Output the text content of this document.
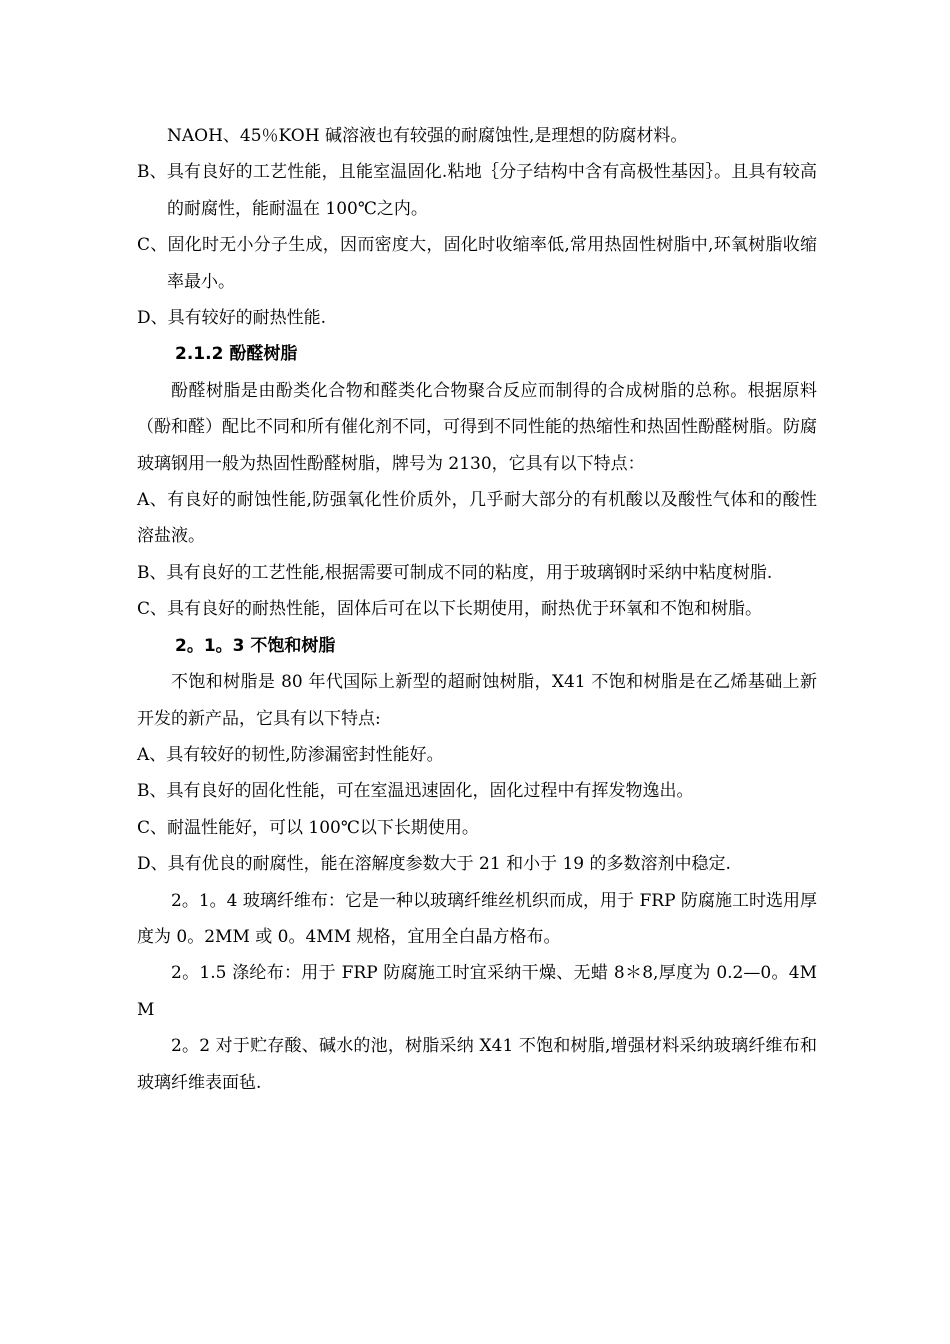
NAOH、45％KOH 碱溶液也有较强的耐腐蚀性,是理想的防腐材料。

B、具有良好的工艺性能，且能室温固化.粘地｛分子结构中含有高极性基因｝。且具有较高的耐腐性，能耐温在 100℃之内。

C、固化时无小分子生成，因而密度大，固化时收缩率低,常用热固性树脂中,环氧树脂收缩率最小。

D、具有较好的耐热性能.

2.1.2 酚醛树脂

酚醛树脂是由酚类化合物和醛类化合物聚合反应而制得的合成树脂的总称。根据原料（酚和醛）配比不同和所有催化剂不同，可得到不同性能的热缩性和热固性酚醛树脂。防腐玻璃钢用一般为热固性酚醛树脂，牌号为 2130，它具有以下特点：

A、有良好的耐蚀性能,防强氧化性价质外，几乎耐大部分的有机酸以及酸性气体和的酸性溶盐液。

B、具有良好的工艺性能,根据需要可制成不同的粘度，用于玻璃钢时采纳中粘度树脂.

C、具有良好的耐热性能，固体后可在以下长期使用，耐热优于环氧和不饱和树脂。

2。1。3 不饱和树脂

不饱和树脂是 80 年代国际上新型的超耐蚀树脂，X41 不饱和树脂是在乙烯基础上新开发的新产品，它具有以下特点:

A、具有较好的韧性,防渗漏密封性能好。

B、具有良好的固化性能，可在室温迅速固化，固化过程中有挥发物逸出。

C、耐温性能好，可以 100℃以下长期使用。

D、具有优良的耐腐性，能在溶解度参数大于 21 和小于 19 的多数溶剂中稳定.

2。1。4 玻璃纤维布：它是一种以玻璃纤维丝机织而成，用于 FRP 防腐施工时选用厚度为 0。2MM 或 0。4MM 规格，宜用全白晶方格布。

2。1.5 涤纶布：用于 FRP 防腐施工时宜采纳干燥、无蜡 8＊8,厚度为 0.2—0。4MM

2。2 对于贮存酸、碱水的池，树脂采纳 X41 不饱和树脂,增强材料采纳玻璃纤维布和玻璃纤维表面毡.
